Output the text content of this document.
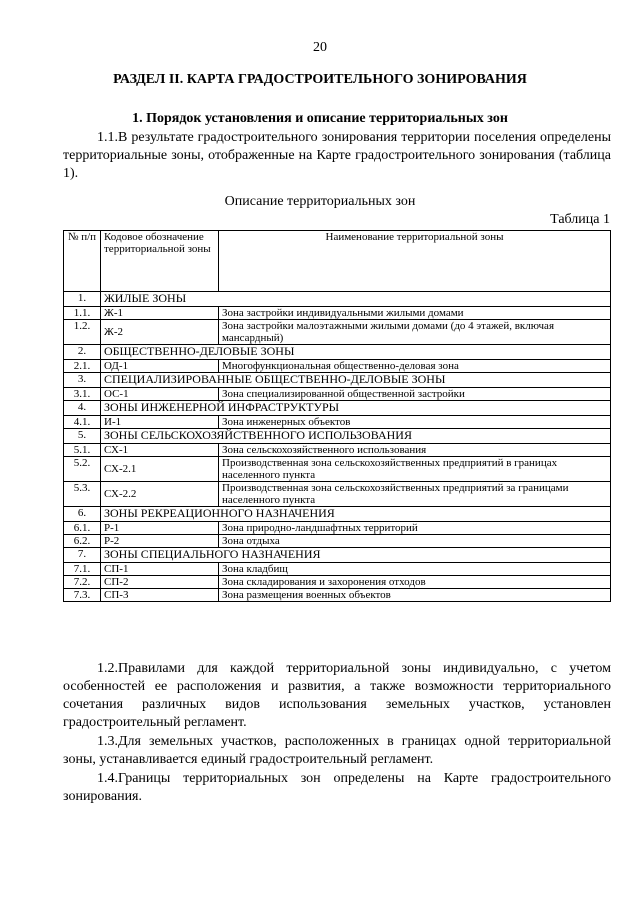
20
РАЗДЕЛ II. КАРТА ГРАДОСТРОИТЕЛЬНОГО ЗОНИРОВАНИЯ
1. Порядок установления и описание территориальных зон

1.1.В результате градостроительного зонирования территории поселения определены территориальные зоны, отображенные на Карте градостроительного зонирования (таблица 1).

Описание территориальных зон
Таблица 1
№ п/п	Кодовое обозначение территориальной зоны	Наименование территориальной зоны
1.	ЖИЛЫЕ ЗОНЫ	
1.1.	Ж-1	Зона застройки индивидуальными жилыми домами
1.2.	Ж-2	Зона застройки малоэтажными жилыми домами (до 4 этажей, включая мансардный)
2.	ОБЩЕСТВЕННО-ДЕЛОВЫЕ ЗОНЫ	
2.1.	ОД-1	Многофункциональная общественно-деловая зона
3.	СПЕЦИАЛИЗИРОВАННЫЕ ОБЩЕСТВЕННО-ДЕЛОВЫЕ ЗОНЫ	
3.1.	ОС-1	Зона специализированной общественной застройки
4.	ЗОНЫ ИНЖЕНЕРНОЙ ИНФРАСТРУКТУРЫ	
4.1.	И-1	Зона инженерных объектов
5.	ЗОНЫ СЕЛЬСКОХОЗЯЙСТВЕННОГО ИСПОЛЬЗОВАНИЯ	
5.1.	СХ-1	Зона сельскохозяйственного использования
5.2.	СХ-2.1	Производственная зона сельскохозяйственных предприятий в границах населенного пункта
5.3.	СХ-2.2	Производственная зона сельскохозяйственных предприятий за границами населенного пункта
6.	ЗОНЫ РЕКРЕАЦИОННОГО НАЗНАЧЕНИЯ	
6.1.	Р-1	Зона природно-ландшафтных территорий
6.2.	Р-2	Зона отдыха
7.	ЗОНЫ СПЕЦИАЛЬНОГО НАЗНАЧЕНИЯ	
7.1.	СП-1	Зона кладбищ
7.2.	СП-2	Зона складирования и захоронения отходов
7.3.	СП-3	Зона размещения военных объектов

1.2.Правилами для каждой территориальной зоны индивидуально, с учетом особенностей ее расположения и развития, а также возможности территориального сочетания различных видов использования земельных участков, установлен градостроительный регламент.

1.3.Для земельных участков, расположенных в границах одной территориальной зоны, устанавливается единый градостроительный регламент.

1.4.Границы территориальных зон определены на Карте градостроительного зонирования.
